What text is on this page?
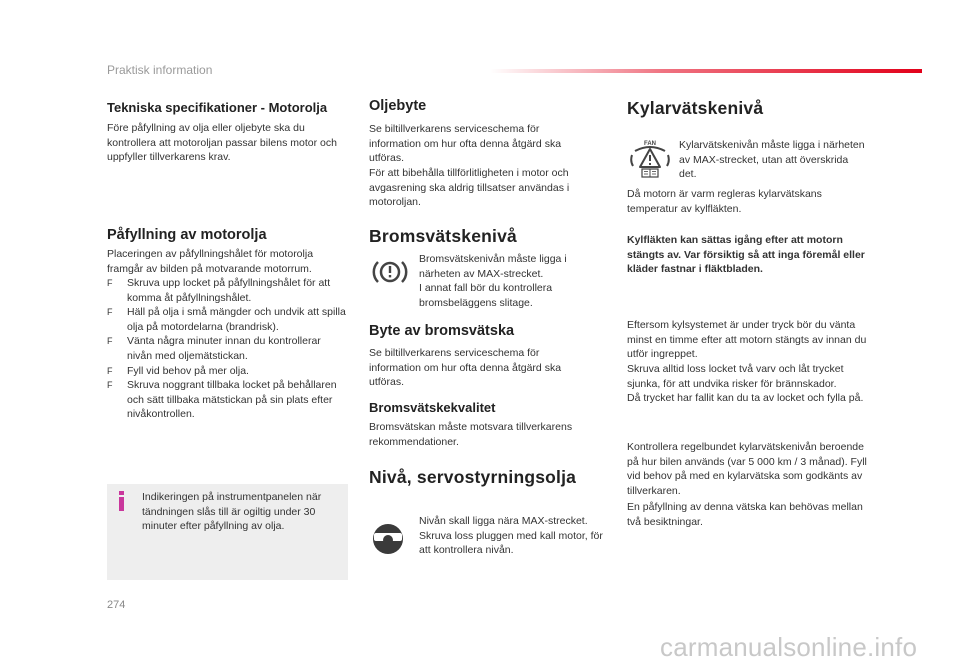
Praktisk information
Tekniska specifikationer - Motorolja

Före påfyllning av olja eller oljebyte ska du kontrollera att motoroljan passar bilens motor och uppfyller tillverkarens krav.

Påfyllning av motorolja

Placeringen av påfyllningshålet för motorolja framgår av bilden på motvarande motorrum.

F Skruva upp locket på påfyllningshålet för att komma åt påfyllningshålet.
F Häll på olja i små mängder och undvik att spilla olja på motordelarna (brandrisk).
F Vänta några minuter innan du kontrollerar nivån med oljemätstickan.
F Fyll vid behov på mer olja.
F Skruva noggrant tillbaka locket på behållaren och sätt tillbaka mätstickan på sin plats efter nivåkontrollen.

Indikeringen på instrumentpanelen när tändningen slås till är ogiltig under 30 minuter efter påfyllning av olja.

Oljebyte

Se biltillverkarens serviceschema för information om hur ofta denna åtgärd ska utföras.

För att bibehålla tillförlitligheten i motor och avgasrening ska aldrig tillsatser användas i motoroljan.

Bromsvätskenivå

Bromsvätskenivån måste ligga i närheten av MAX-strecket.

I annat fall bör du kontrollera bromsbeläggens slitage.

Byte av bromsvätska

Se biltillverkarens serviceschema för information om hur ofta denna åtgärd ska utföras.

Bromsvätskekvalitet

Bromsvätskan måste motsvara tillverkarens rekommendationer.

Nivå, servostyrningsolja

Nivån skall ligga nära MAX-strecket. Skruva loss pluggen med kall motor, för att kontrollera nivån.

Kylarvätskenivå
FAN Kylarvätskenivån måste ligga i närheten av MAX-strecket, utan att överskrida det.

Då motorn är varm regleras kylarvätskans temperatur av kylfläkten.

Kylfläkten kan sättas igång efter att motorn stängts av. Var försiktig så att inga föremål eller kläder fastnar i fläktbladen.

Eftersom kylsystemet är under tryck bör du vänta minst en timme efter att motorn stängts av innan du utför ingreppet.

Skruva alltid loss locket två varv och låt trycket sjunka, för att undvika risker för brännskador.

Då trycket har fallit kan du ta av locket och fylla på.

Kontrollera regelbundet kylarvätskenivån beroende på hur bilen används (var 5 000 km / 3 månad). Fyll vid behov på med en kylarvätska som godkänts av tillverkaren.

En påfyllning av denna vätska kan behövas mellan två besiktningar.

274
carmanualsonline.info
